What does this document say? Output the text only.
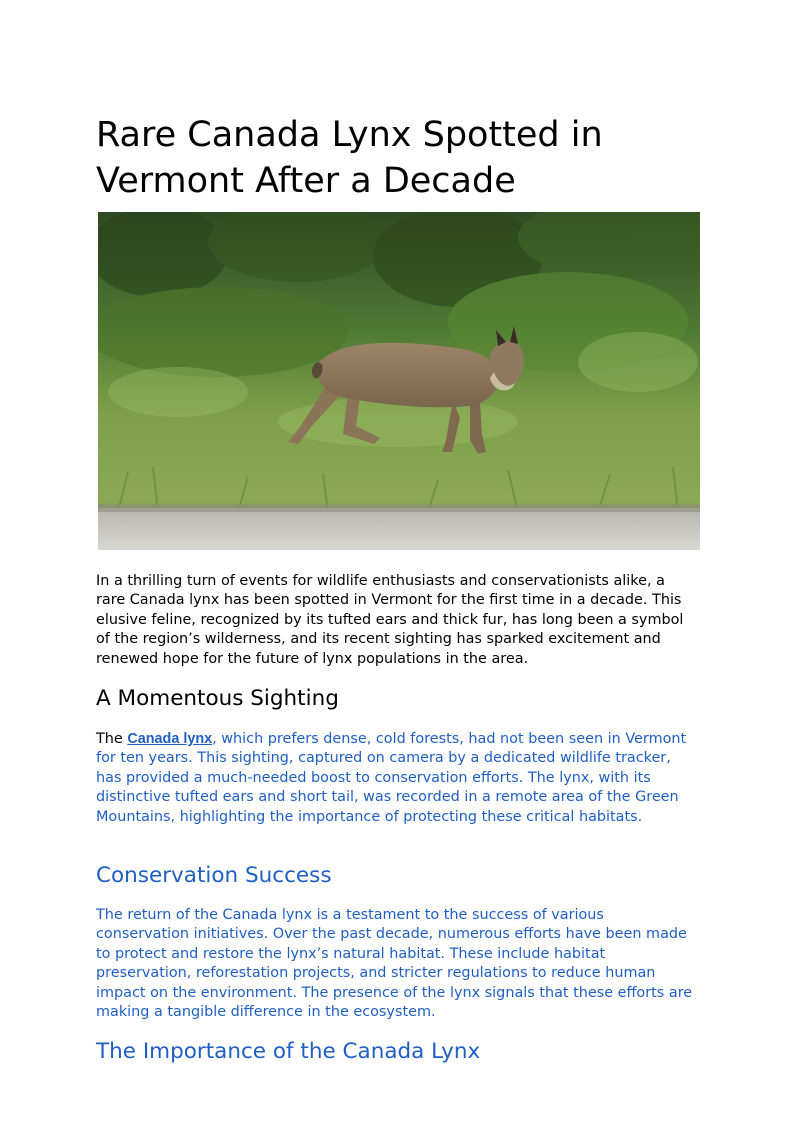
Rare Canada Lynx Spotted in Vermont After a Decade

In a thrilling turn of events for wildlife enthusiasts and conservationists alike, a rare Canada lynx has been spotted in Vermont for the first time in a decade. This elusive feline, recognized by its tufted ears and thick fur, has long been a symbol of the region’s wilderness, and its recent sighting has sparked excitement and renewed hope for the future of lynx populations in the area.

A Momentous Sighting

The Canada lynx, which prefers dense, cold forests, had not been seen in Vermont for ten years. This sighting, captured on camera by a dedicated wildlife tracker, has provided a much-needed boost to conservation efforts. The lynx, with its distinctive tufted ears and short tail, was recorded in a remote area of the Green Mountains, highlighting the importance of protecting these critical habitats.

Conservation Success

The return of the Canada lynx is a testament to the success of various conservation initiatives. Over the past decade, numerous efforts have been made to protect and restore the lynx’s natural habitat. These include habitat preservation, reforestation projects, and stricter regulations to reduce human impact on the environment. The presence of the lynx signals that these efforts are making a tangible difference in the ecosystem.

The Importance of the Canada Lynx
